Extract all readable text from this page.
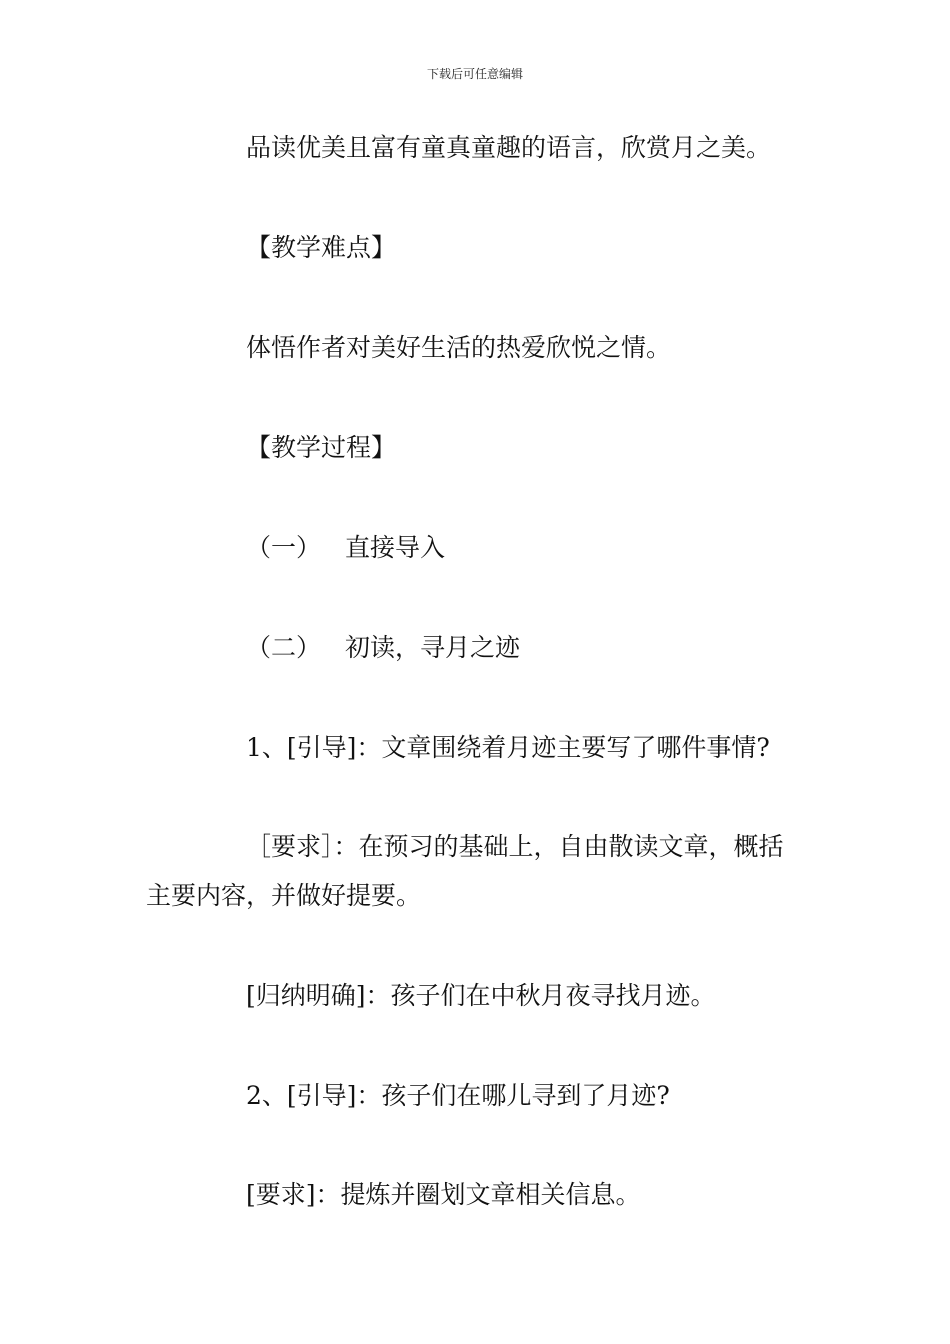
下载后可任意编辑
品读优美且富有童真童趣的语言，欣赏月之美。
【教学难点】
体悟作者对美好生活的热爱欣悦之情。
【教学过程】
（一） 直接导入
（二） 初读，寻月之迹
1、[引导]：文章围绕着月迹主要写了哪件事情?
［要求］：在预习的基础上，自由散读文章，概括
主要内容，并做好提要。
[归纳明确]：孩子们在中秋月夜寻找月迹。
2、[引导]：孩子们在哪儿寻到了月迹?
[要求]：提炼并圈划文章相关信息。
